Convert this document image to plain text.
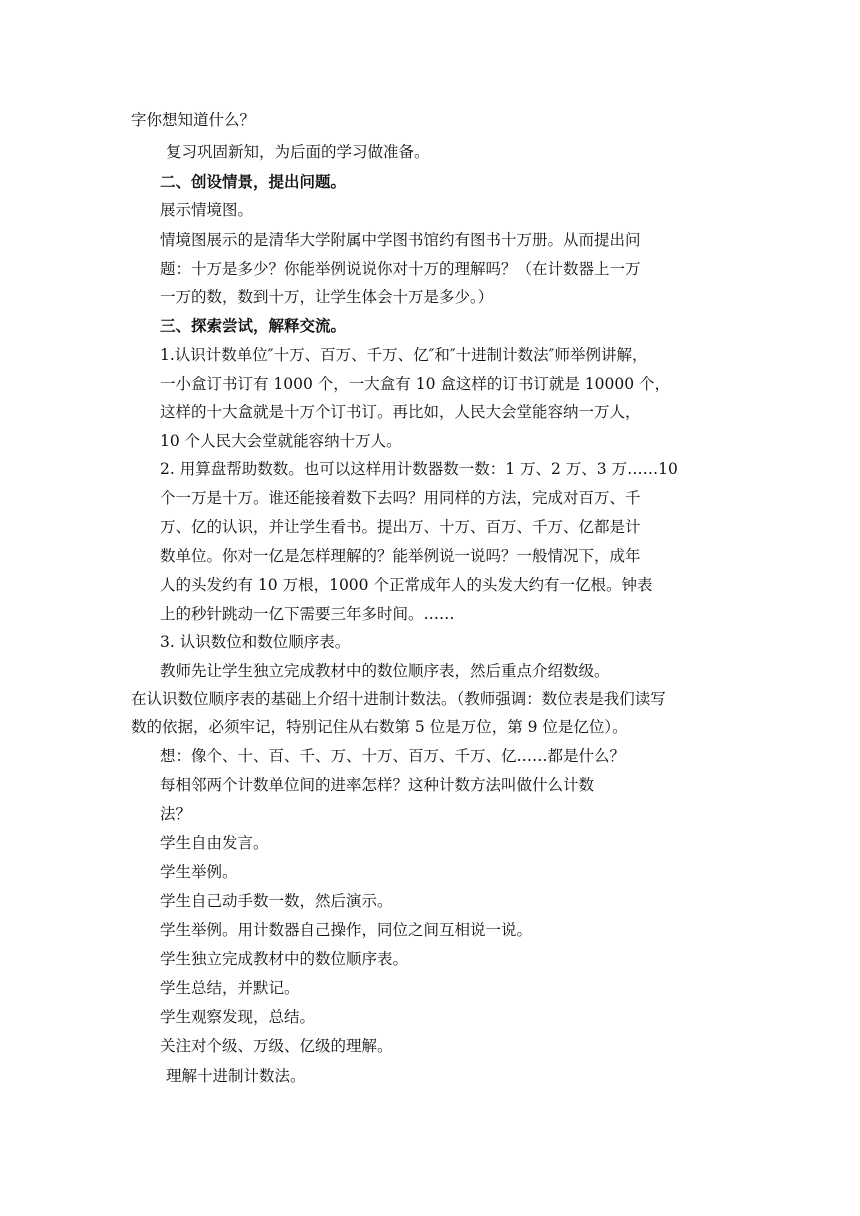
字你想知道什么？
复习巩固新知，为后面的学习做准备。
二、创设情景，提出问题。
展示情境图。
情境图展示的是清华大学附属中学图书馆约有图书十万册。从而提出问
题：十万是多少？你能举例说说你对十万的理解吗？（在计数器上一万
一万的数，数到十万，让学生体会十万是多少。）
三、探索尝试，解释交流。
1.认识计数单位″十万、百万、千万、亿″和″十进制计数法″师举例讲解，
一小盒订书订有 1000 个，一大盒有 10 盒这样的订书订就是 10000 个，
这样的十大盒就是十万个订书订。再比如，人民大会堂能容纳一万人，
10 个人民大会堂就能容纳十万人。
2. 用算盘帮助数数。也可以这样用计数器数一数：1 万、2 万、3 万……10
个一万是十万。谁还能接着数下去吗？用同样的方法，完成对百万、千
万、亿的认识，并让学生看书。提出万、十万、百万、千万、亿都是计
数单位。你对一亿是怎样理解的？能举例说一说吗？一般情况下，成年
人的头发约有 10 万根，1000 个正常成年人的头发大约有一亿根。钟表
上的秒针跳动一亿下需要三年多时间。……
3. 认识数位和数位顺序表。
教师先让学生独立完成教材中的数位顺序表，然后重点介绍数级。
在认识数位顺序表的基础上介绍十进制计数法。（教师强调：数位表是我们读写
数的依据，必须牢记，特别记住从右数第 5 位是万位，第 9 位是亿位）。
想：像个、十、百、千、万、十万、百万、千万、亿……都是什么？
每相邻两个计数单位间的进率怎样？这种计数方法叫做什么计数
法？
学生自由发言。
学生举例。
学生自己动手数一数，然后演示。
学生举例。用计数器自己操作，同位之间互相说一说。
学生独立完成教材中的数位顺序表。
学生总结，并默记。
学生观察发现，总结。
关注对个级、万级、亿级的理解。
理解十进制计数法。
